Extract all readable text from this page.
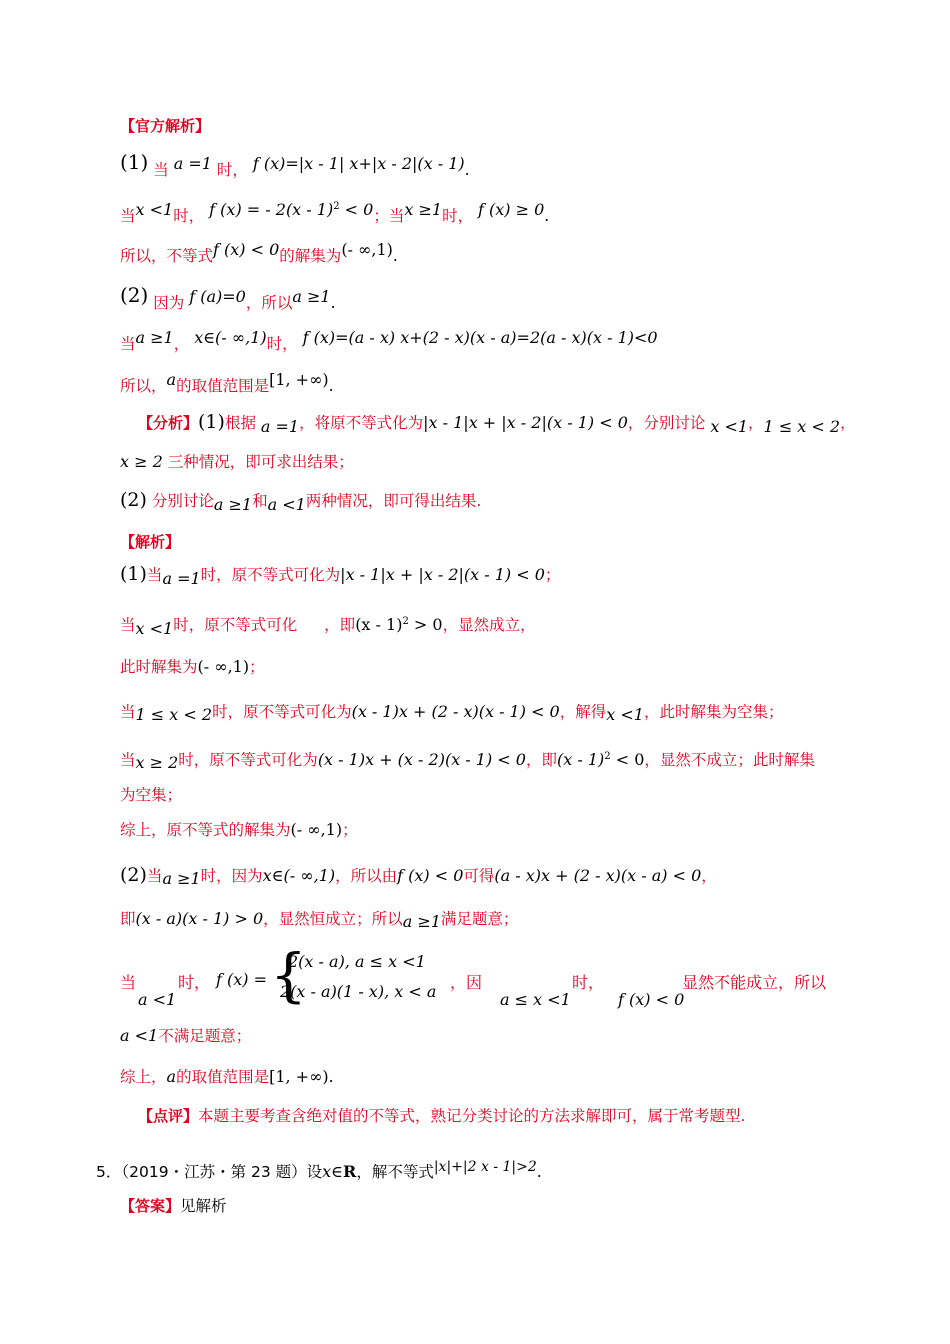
【官方解析】
(1) 当 a =1 时， f (x)=|x - 1| x+|x - 2|(x - 1).
当x <1时， f (x) = - 2(x - 1)$^2$ < 0；当x ≥1时， f (x) ≥ 0.
所以，不等式f (x) < 0的解集为(- ∞,1).
(2) 因为 f (a)=0，所以a ≥1.
当a ≥1， x∈(- ∞,1)时， f (x)=(a - x) x+(2 - x)(x - a)=2(a - x)(x - 1)<0
所以，a的取值范围是[1, +∞).
【分析】(1)根据 a =1，将原不等式化为|x - 1|x + |x - 2|(x - 1) < 0，分别讨论 x <1，1 ≤ x < 2，
x ≥ 2 三种情况，即可求出结果；
(2) 分别讨论a ≥1和a <1两种情况，即可得出结果.
【解析】
(1)当a =1时，原不等式可化为|x - 1|x + |x - 2|(x - 1) < 0；
当x <1时，原不等式可化 ，即(x - 1)$^2$ > 0，显然成立，
此时解集为(- ∞,1)；
当1 ≤ x < 2时，原不等式可化为(x - 1)x + (2 - x)(x - 1) < 0，解得x <1，此时解集为空集；
当x ≥ 2时，原不等式可化为(x - 1)x + (x - 2)(x - 1) < 0，即(x - 1)$^2$ < 0，显然不成立；此时解集
为空集；
综上，原不等式的解集为(- ∞,1)；
(2)当a ≥1时，因为x∈(- ∞,1)，所以由f (x) < 0可得(a - x)x + (2 - x)(x - a) < 0，
即(x - a)(x - 1) > 0，显然恒成立；所以a ≥1满足题意；
当
a <1
时， f (x) = {
2(x - a), a ≤ x <1
2(x - a)(1 - x), x < a ，因
a ≤ x <1
时，
f (x) < 0
显然不能成立，所以
a <1不满足题意；
综上，a的取值范围是[1, +∞).
【点评】本题主要考查含绝对值的不等式，熟记分类讨论的方法求解即可，属于常考题型.
5．（2019・江苏・第 23 题）设x∈R，解不等式|x|+|2 x - 1|>2.
【答案】见解析
